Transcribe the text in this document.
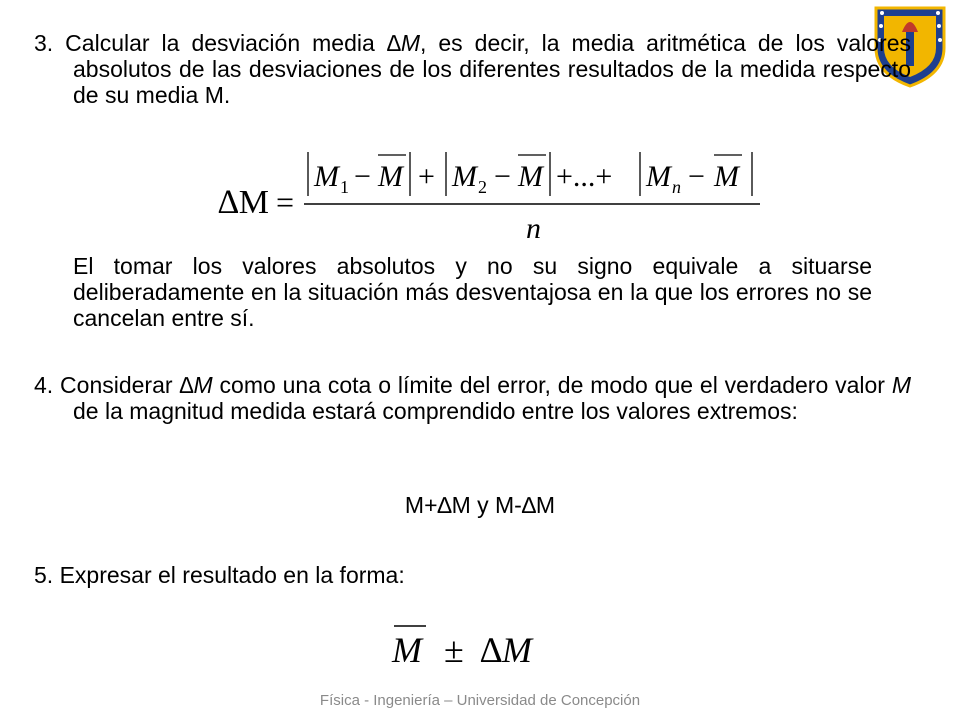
3. Calcular la desviación media ∆M, es decir, la media aritmética de los valores absolutos de las desviaciones de los diferentes resultados de la medida respecto de su media M.
∆M =
M 1 − M + M 2 − M +...+ M n − M
n
El tomar los valores absolutos y no su signo equivale a situarse deliberadamente en la situación más desventajosa en la que los errores no se cancelan entre sí.
4. Considerar ∆M como una cota o límite del error, de modo que el verdadero valor M de la magnitud medida estará comprendido entre los valores extremos:
M+∆M y M-∆M
5. Expresar el resultado en la forma:
M ± ∆M
Física - Ingeniería – Universidad de Concepción
